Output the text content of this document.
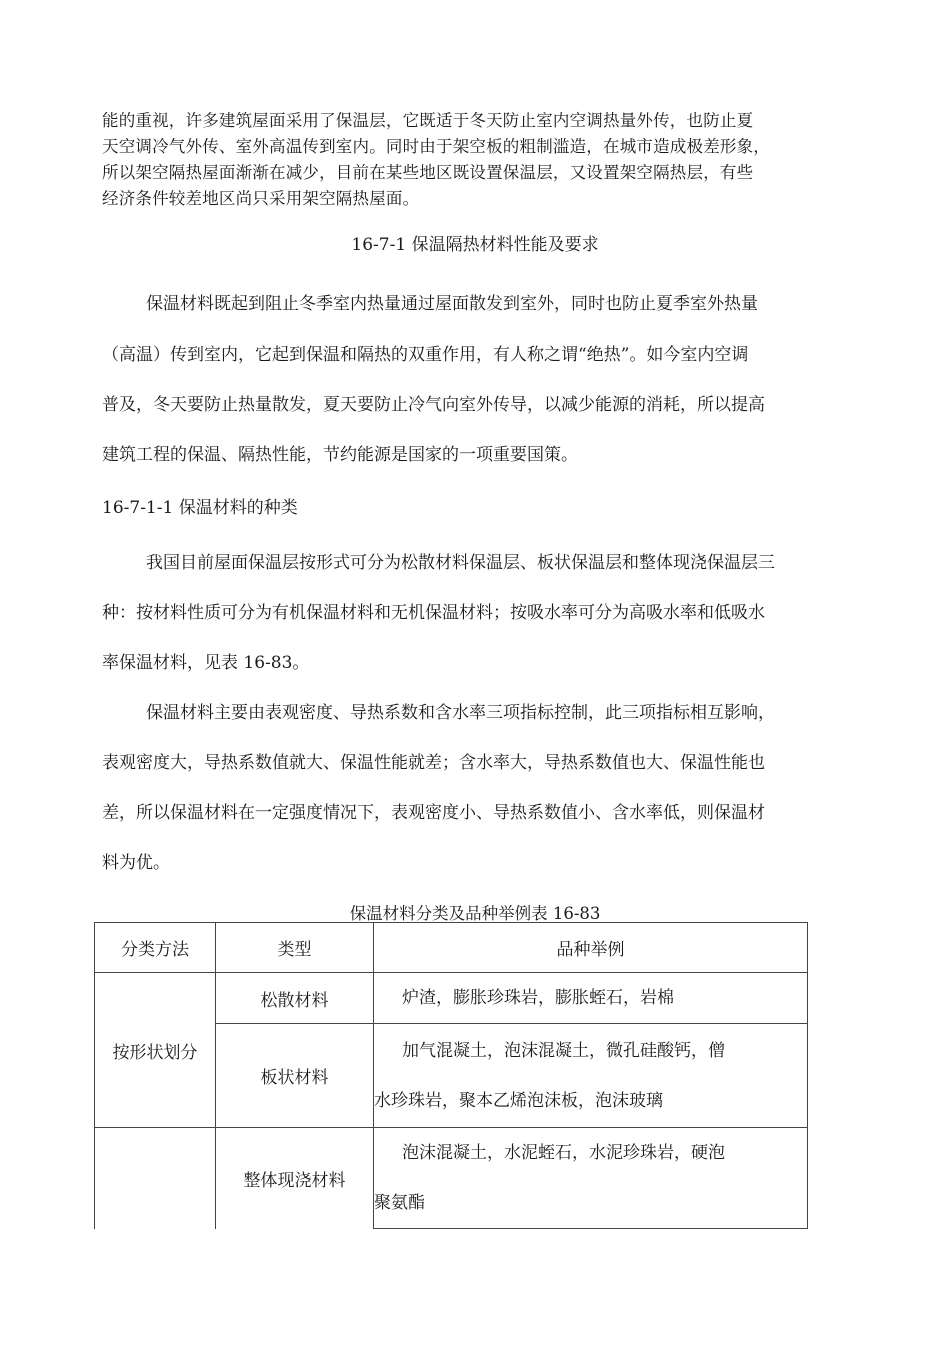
能的重视，许多建筑屋面采用了保温层，它既适于冬天防止室内空调热量外传，也防止夏
天空调冷气外传、室外高温传到室内。同时由于架空板的粗制滥造，在城市造成极差形象，
所以架空隔热屋面渐渐在减少，目前在某些地区既设置保温层，又设置架空隔热层，有些
经济条件较差地区尚只采用架空隔热屋面。

16-7-1 保温隔热材料性能及要求

保温材料既起到阻止冬季室内热量通过屋面散发到室外，同时也防止夏季室外热量

（高温）传到室内，它起到保温和隔热的双重作用，有人称之谓“绝热”。如今室内空调

普及，冬天要防止热量散发，夏天要防止冷气向室外传导，以减少能源的消耗，所以提高

建筑工程的保温、隔热性能，节约能源是国家的一项重要国策。

16-7-1-1 保温材料的种类

我国目前屋面保温层按形式可分为松散材料保温层、板状保温层和整体现浇保温层三

种：按材料性质可分为有机保温材料和无机保温材料；按吸水率可分为高吸水率和低吸水

率保温材料，见表 16-83。

保温材料主要由表观密度、导热系数和含水率三项指标控制，此三项指标相互影响，

表观密度大，导热系数值就大、保温性能就差；含水率大，导热系数值也大、保温性能也

差，所以保温材料在一定强度情况下，表观密度小、导热系数值小、含水率低，则保温材

料为优。

保温材料分类及品种举例表 16-83

分类方法	类型	品种举例
按形状划分	松散材料	炉渣，膨胀珍珠岩，膨胀蛭石，岩棉

	板状材料	加气混凝土，泡沫混凝土，微孔硅酸钙，僧
水珍珠岩，聚本乙烯泡沫板，泡沫玻璃

	整体现浇材料	泡沫混凝土，水泥蛭石，水泥珍珠岩，硬泡
聚氨酯
